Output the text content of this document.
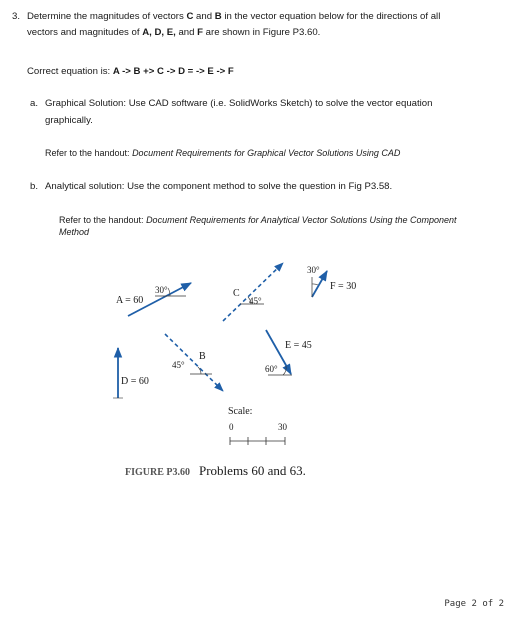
3. Determine the magnitudes of vectors C and B in the vector equation below for the directions of all
vectors and magnitudes of A, D, E, and F are shown in Figure P3.60.
Correct equation is: A -> B +> C -> D = -> E -> F
a. Graphical Solution: Use CAD software (i.e. SolidWorks Sketch) to solve the vector equation
graphically.
Refer to the handout: Document Requirements for Graphical Vector Solutions Using CAD
b. Analytical solution: Use the component method to solve the question in Fig P3.58.
Refer to the handout: Document Requirements for Analytical Vector Solutions Using the Component
Method
A = 60
30°	C
45°
30°
F = 30
E = 45
60°
D = 60
B
45°
Scale:
0	30
FIGURE P3.60 Problems 60 and 63.
Page 2 of 2
